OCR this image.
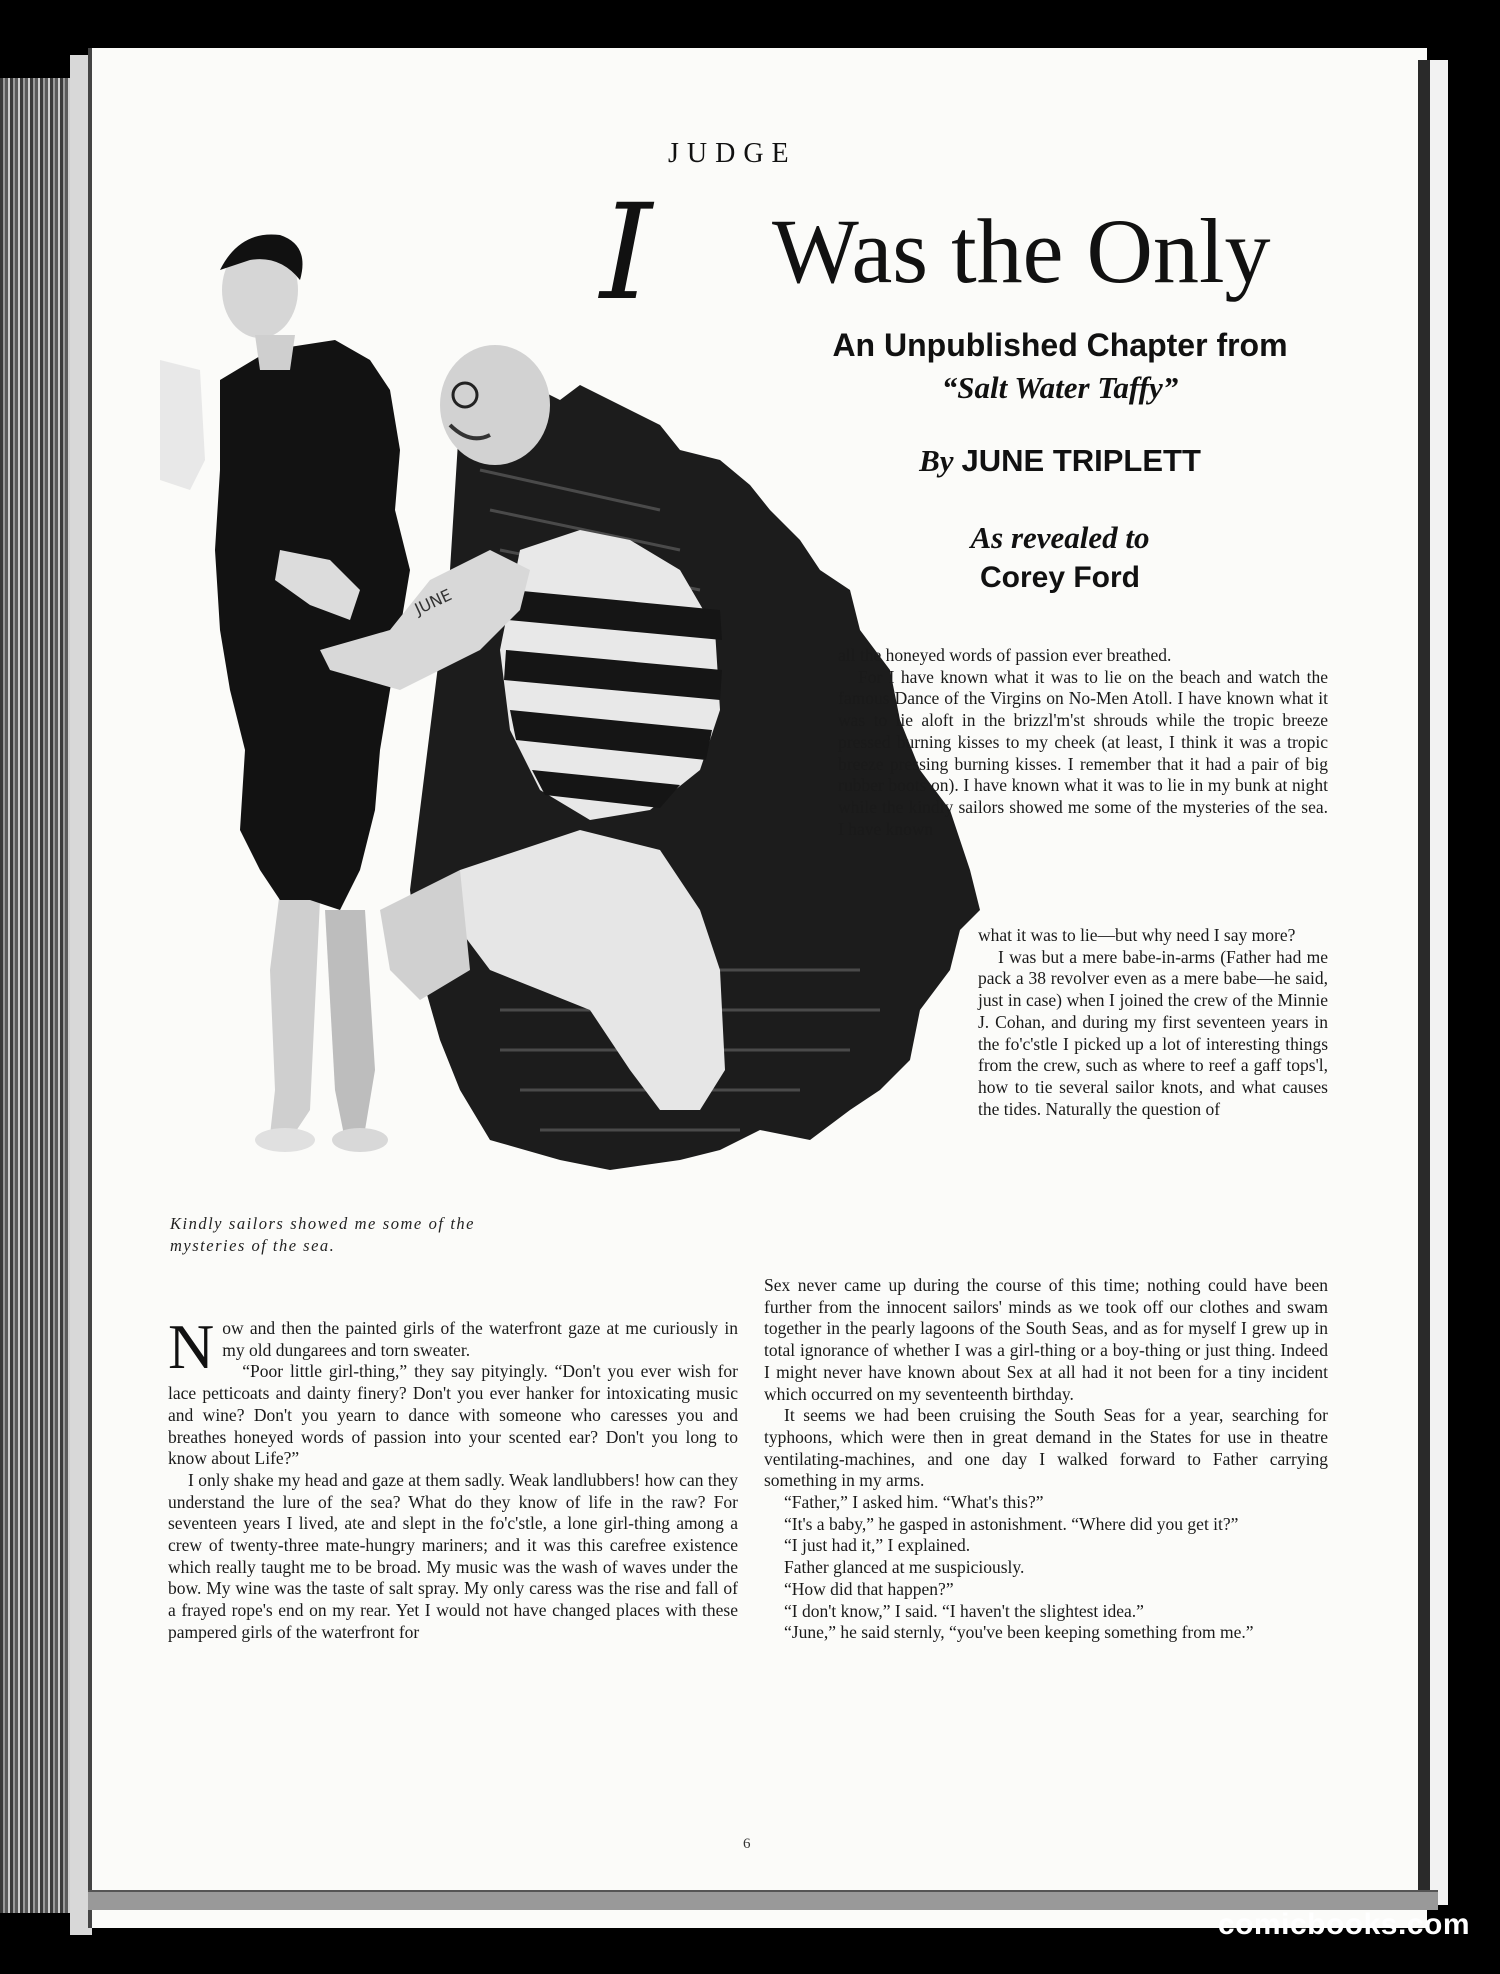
JUDGE
I Was the Only
An Unpublished Chapter from
“Salt Water Taffy”
By JUNE TRIPLETT
As revealed to
Corey Ford
JUNE
Kindly sailors showed me some of the mysteries of the sea.

all the honeyed words of passion ever breathed.

For I have known what it was to lie on the beach and watch the famous Dance of the Virgins on No-Men Atoll. I have known what it was to lie aloft in the brizzl'm'st shrouds while the tropic breeze pressed burning kisses to my cheek (at least, I think it was a tropic breeze pressing burning kisses. I remember that it had a pair of big rubber boots on). I have known what it was to lie in my bunk at night while the kindly sailors showed me some of the mysteries of the sea. I have known

what it was to lie—but why need I say more?

I was but a mere babe-in-arms (Father had me pack a 38 revolver even as a mere babe—he said, just in case) when I joined the crew of the Minnie J. Cohan, and during my first seventeen years in the fo'c'stle I picked up a lot of interesting things from the crew, such as where to reef a gaff tops'l, how to tie several sailor knots, and what causes the tides. Naturally the question of

Sex never came up during the course of this time; nothing could have been further from the innocent sailors' minds as we took off our clothes and swam together in the pearly lagoons of the South Seas, and as for myself I grew up in total ignorance of whether I was a girl-thing or a boy-thing or just thing. Indeed I might never have known about Sex at all had it not been for a tiny incident which occurred on my seventeenth birthday.

It seems we had been cruising the South Seas for a year, searching for typhoons, which were then in great demand in the States for use in theatre ventilating-machines, and one day I walked forward to Father carrying something in my arms.

“Father,” I asked him. “What's this?”

“It's a baby,” he gasped in astonishment. “Where did you get it?”

“I just had it,” I explained.

Father glanced at me suspiciously.

“How did that happen?”

“I don't know,” I said. “I haven't the slightest idea.”

“June,” he said sternly, “you've been keeping something from me.”

Now and then the painted girls of the waterfront gaze at me curiously in my old dungarees and torn sweater.

“Poor little girl-thing,” they say pityingly. “Don't you ever wish for lace petticoats and dainty finery? Don't you ever hanker for intoxicating music and wine? Don't you yearn to dance with someone who caresses you and breathes honeyed words of passion into your scented ear? Don't you long to know about Life?”

I only shake my head and gaze at them sadly. Weak landlubbers! how can they understand the lure of the sea? What do they know of life in the raw? For seventeen years I lived, ate and slept in the fo'c'stle, a lone girl-thing among a crew of twenty-three mate-hungry mariners; and it was this carefree existence which really taught me to be broad. My music was the wash of waves under the bow. My wine was the taste of salt spray. My only caress was the rise and fall of a frayed rope's end on my rear. Yet I would not have changed places with these pampered girls of the waterfront for

6
comicbooks.com
